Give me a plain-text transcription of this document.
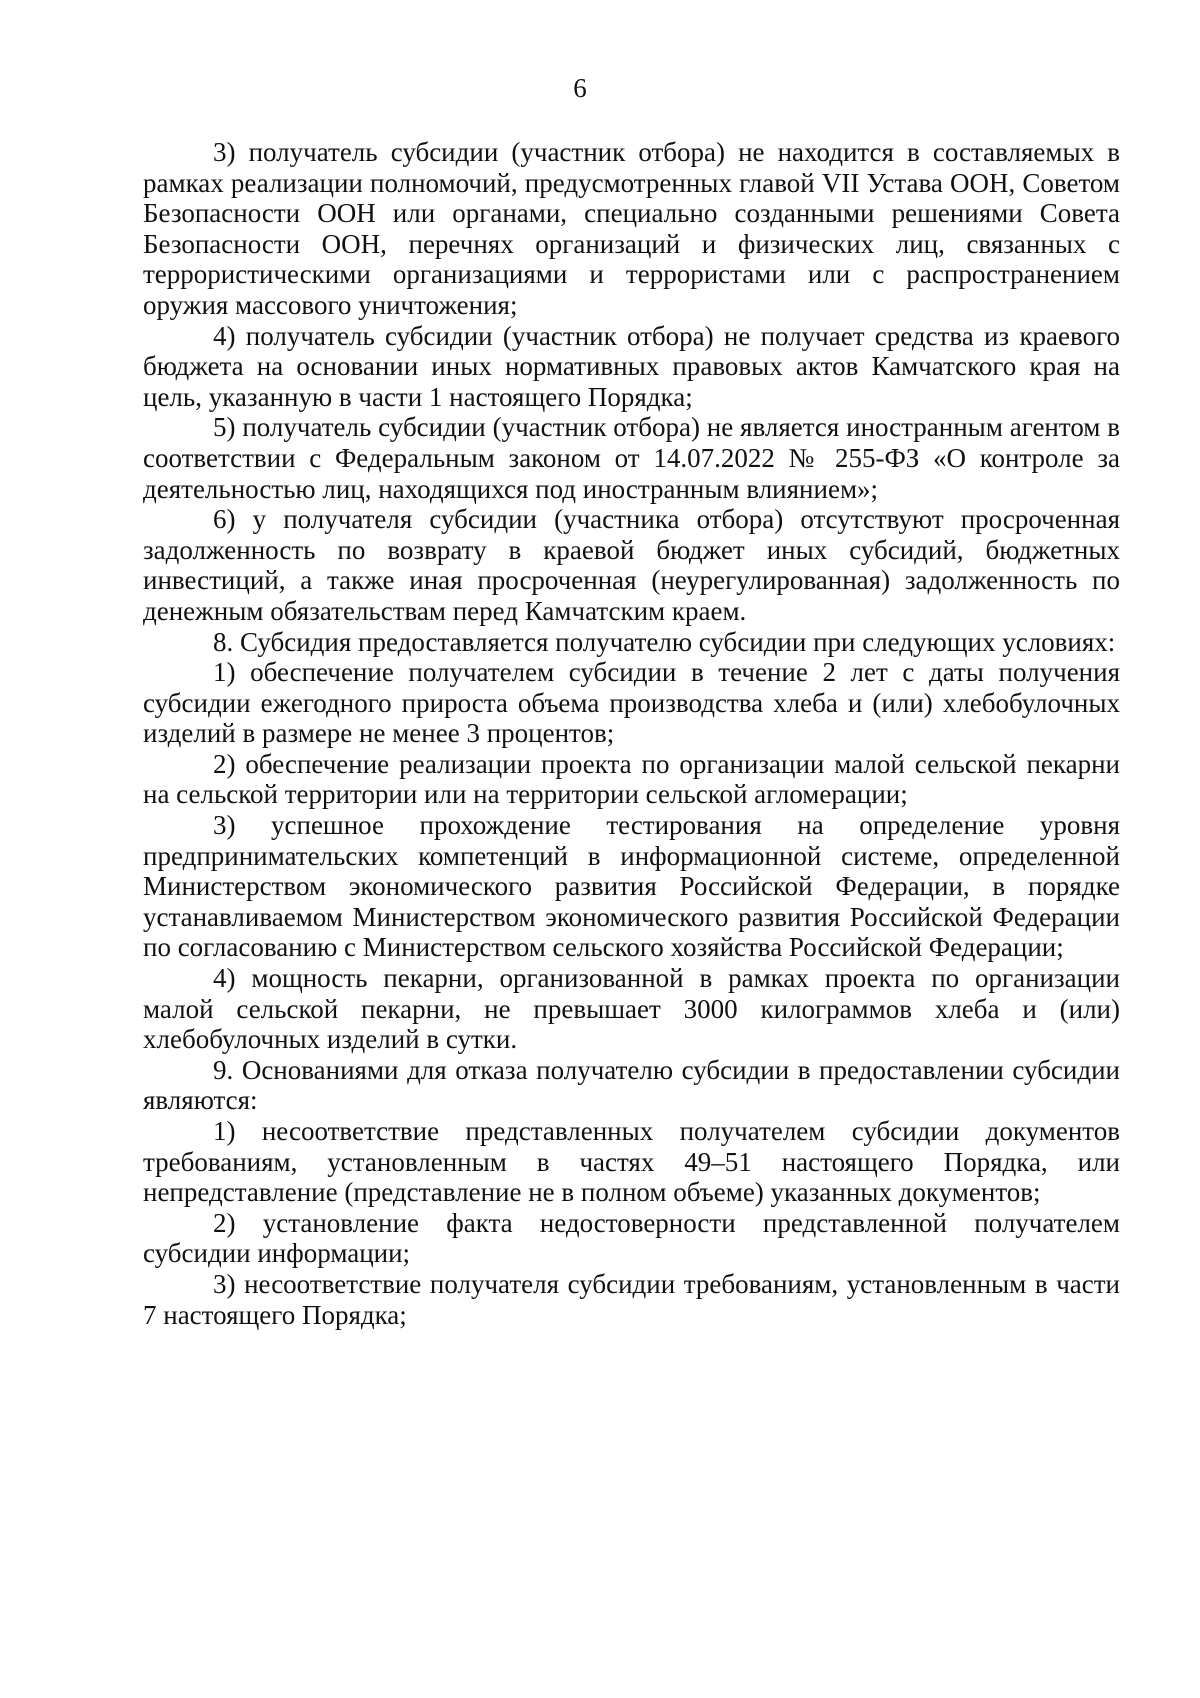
6

3) получатель субсидии (участник отбора) не находится в составляемых в рамках реализации полномочий, предусмотренных главой VII Устава ООН, Советом Безопасности ООН или органами, специально созданными решениями Совета Безопасности ООН, перечнях организаций и физических лиц, связанных с террористическими организациями и террористами или с распространением оружия массового уничтожения;

4) получатель субсидии (участник отбора) не получает средства из краевого бюджета на основании иных нормативных правовых актов Камчатского края на цель, указанную в части 1 настоящего Порядка;

5) получатель субсидии (участник отбора) не является иностранным агентом в соответствии с Федеральным законом от 14.07.2022 № 255-ФЗ «О контроле за деятельностью лиц, находящихся под иностранным влиянием»;

6) у получателя субсидии (участника отбора) отсутствуют просроченная задолженность по возврату в краевой бюджет иных субсидий, бюджетных инвестиций, а также иная просроченная (неурегулированная) задолженность по денежным обязательствам перед Камчатским краем.

8. Субсидия предоставляется получателю субсидии при следующих условиях:

1) обеспечение получателем субсидии в течение 2 лет с даты получения субсидии ежегодного прироста объема производства хлеба и (или) хлебобулочных изделий в размере не менее 3 процентов;

2) обеспечение реализации проекта по организации малой сельской пекарни на сельской территории или на территории сельской агломерации;

3) успешное прохождение тестирования на определение уровня предпринимательских компетенций в информационной системе, определенной Министерством экономического развития Российской Федерации, в порядке устанавливаемом Министерством экономического развития Российской Федерации по согласованию с Министерством сельского хозяйства Российской Федерации;

4) мощность пекарни, организованной в рамках проекта по организации малой сельской пекарни, не превышает 3000 килограммов хлеба и (или) хлебобулочных изделий в сутки.

9. Основаниями для отказа получателю субсидии в предоставлении субсидии являются:

1) несоответствие представленных получателем субсидии документов требованиям, установленным в частях 49–51 настоящего Порядка, или непредставление (представление не в полном объеме) указанных документов;

2) установление факта недостоверности представленной получателем субсидии информации;

3) несоответствие получателя субсидии требованиям, установленным в части 7 настоящего Порядка;
